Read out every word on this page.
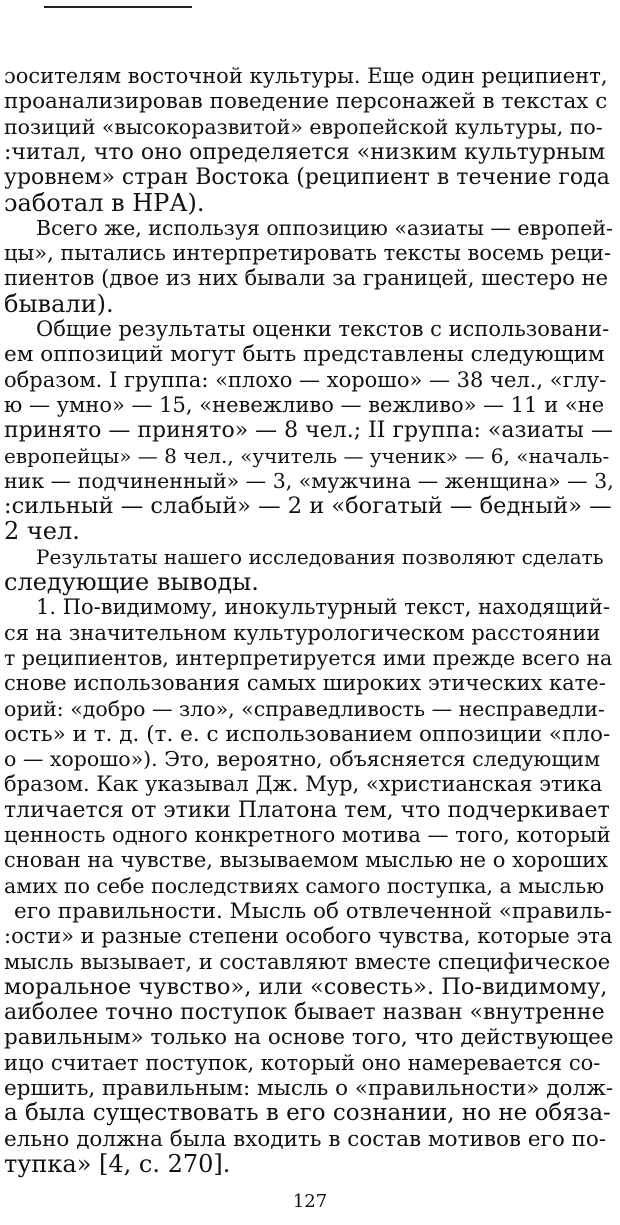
ɔосителям восточной культуры. Еще один реципиент,
проанализировав поведение персонажей в текстах с
позиций «высокоразвитой» европейской культуры, по-
:читал, что оно определяется «низким культурным
уровнем» стран Востока (реципиент в течение года
ɔаботал в НРА).
Всего же, используя оппозицию «азиаты — европей-
цы», пытались интерпретировать тексты восемь реци-
пиентов (двое из них бывали за границей, шестеро не
бывали).
Общие результаты оценки текстов с использовани-
ем оппозиций могут быть представлены следующим
образом. I группа: «плохо — хорошо» — 38 чел., «глу-
ю — умно» — 15, «невежливо — вежливо» — 11 и «не
принято — принято» — 8 чел.; II группа: «азиаты —
европейцы» — 8 чел., «учитель — ученик» — 6, «началь-
ник — подчиненный» — 3, «мужчина — женщина» — 3,
:сильный — слабый» — 2 и «богатый — бедный» —
2 чел.
Результаты нашего исследования позволяют сделать
следующие выводы.
1. По-видимому, инокультурный текст, находящий-
ся на значительном культурологическом расстоянии
т реципиентов, интерпретируется ими прежде всего на
снове использования самых широких этических кате-
орий: «добро — зло», «справедливость — несправедли-
ость» и т. д. (т. е. с использованием оппозиции «пло-
о — хорошо»). Это, вероятно, объясняется следующим
бразом. Как указывал Дж. Мур, «христианская этика
тличается от этики Платона тем, что подчеркивает
ценность одного конкретного мотива — того, который
снован на чувстве, вызываемом мыслью не о хороших
амих по себе последствиях самого поступка, а мыслью
его правильности. Мысль об отвлеченной «правиль-
:ости» и разные степени особого чувства, которые эта
мысль вызывает, и составляют вместе специфическое
моральное чувство», или «совесть». По-видимому,
аиболее точно поступок бывает назван «внутренне
равильным» только на основе того, что действующее
ицо считает поступок, который оно намеревается со-
ершить, правильным: мысль о «правильности» долж-
а была существовать в его сознании, но не обяза-
ельно должна была входить в состав мотивов его по-
тупка» [4, с. 270].
127
